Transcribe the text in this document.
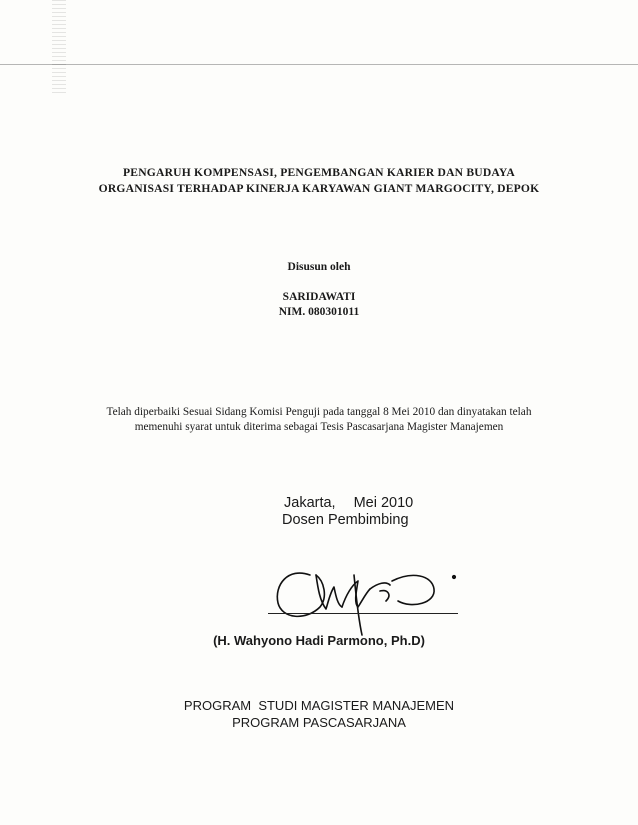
PENGARUH KOMPENSASI, PENGEMBANGAN KARIER DAN BUDAYA
ORGANISASI TERHADAP KINERJA KARYAWAN GIANT MARGOCITY, DEPOK
Disusun oleh
SARIDAWATI
NIM. 080301011
Telah diperbaiki Sesuai Sidang Komisi Penguji pada tanggal 8 Mei 2010 dan dinyatakan telah
memenuhi syarat untuk diterima sebagai Tesis Pascasarjana Magister Manajemen
Jakarta, Mei 2010
Dosen Pembimbing
(H. Wahyono Hadi Parmono, Ph.D)
PROGRAM  STUDI MAGISTER MANAJEMEN
PROGRAM PASCASARJANA
